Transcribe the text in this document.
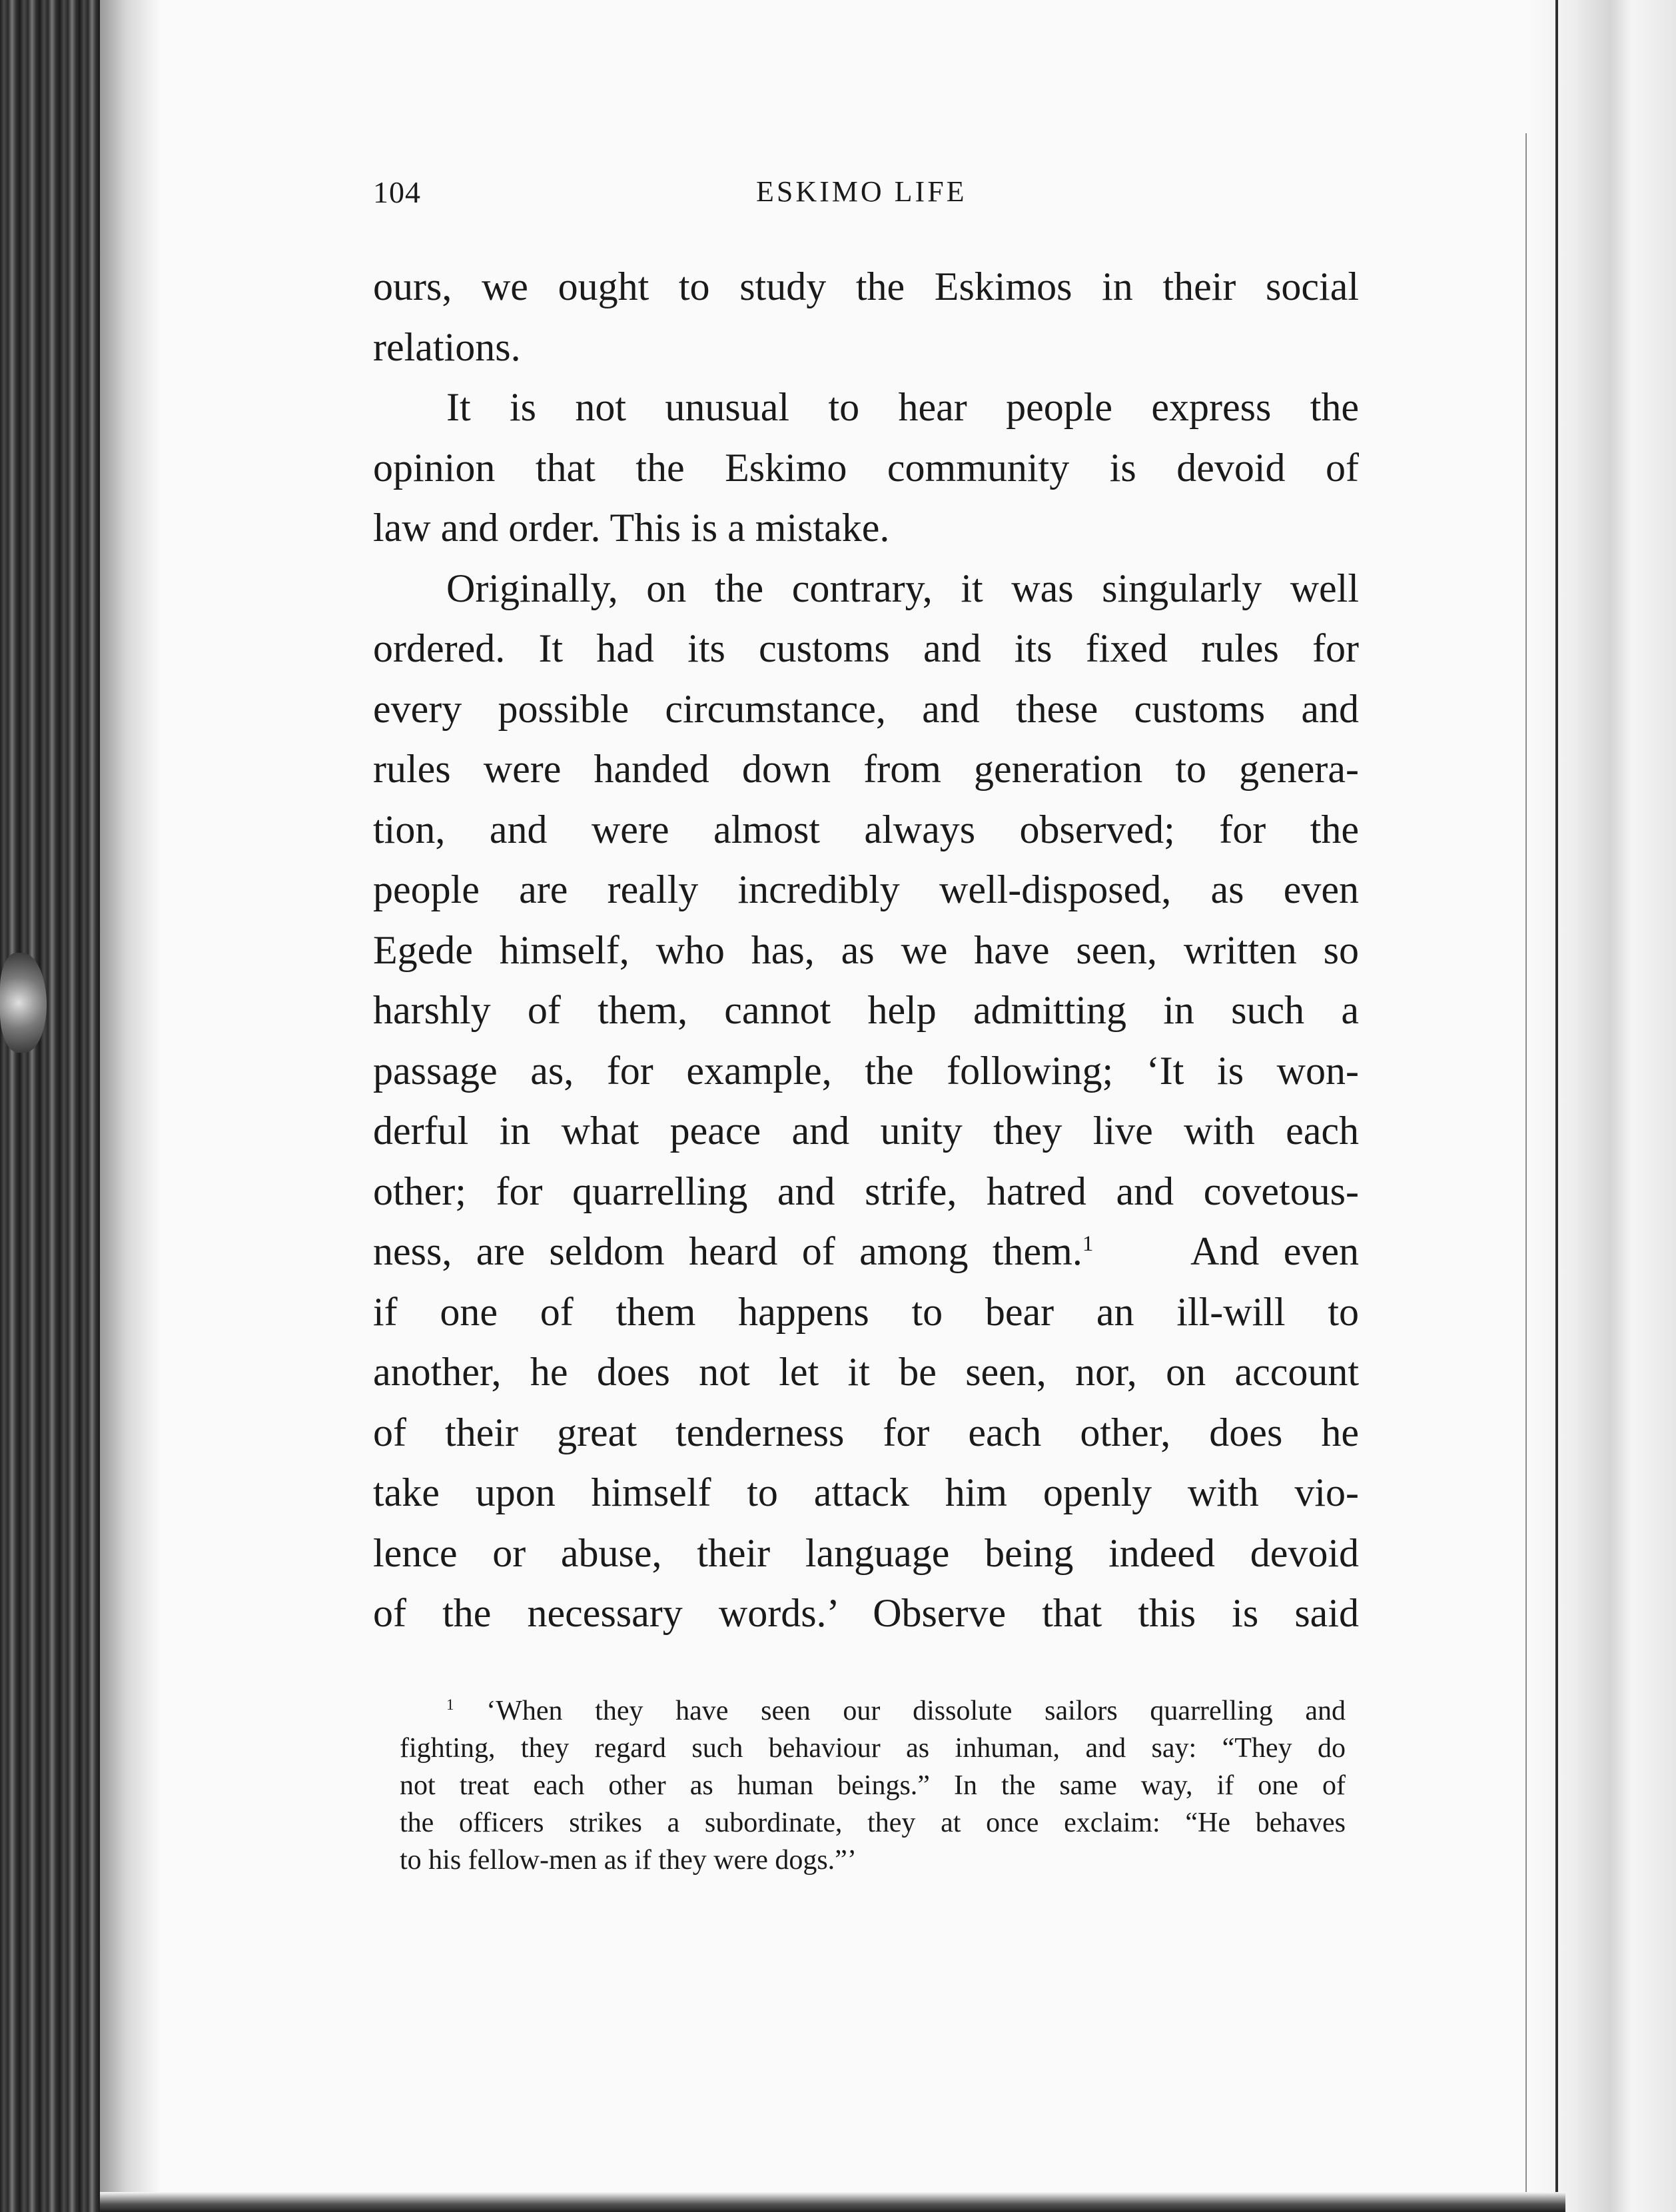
104	ESKIMO LIFE
ours, we ought to study the Eskimos in their social
relations.
It is not unusual to hear people express the
opinion that the Eskimo community is devoid of
law and order. This is a mistake.
Originally, on the contrary, it was singularly well
ordered. It had its customs and its fixed rules for
every possible circumstance, and these customs and
rules were handed down from generation to genera-
tion, and were almost always observed; for the
people are really incredibly well-disposed, as even
Egede himself, who has, as we have seen, written so
harshly of them, cannot help admitting in such a
passage as, for example, the following; ‘It is won-
derful in what peace and unity they live with each
other; for quarrelling and strife, hatred and covetous-
ness, are seldom heard of among them.$^1$ And even
if one of them happens to bear an ill-will to
another, he does not let it be seen, nor, on account
of their great tenderness for each other, does he
take upon himself to attack him openly with vio-
lence or abuse, their language being indeed devoid
of the necessary words.’ Observe that this is said
$^1$ ‘When they have seen our dissolute sailors quarrelling and
fighting, they regard such behaviour as inhuman, and say: “They do
not treat each other as human beings.” In the same way, if one of
the officers strikes a subordinate, they at once exclaim: “He behaves
to his fellow-men as if they were dogs.”’
